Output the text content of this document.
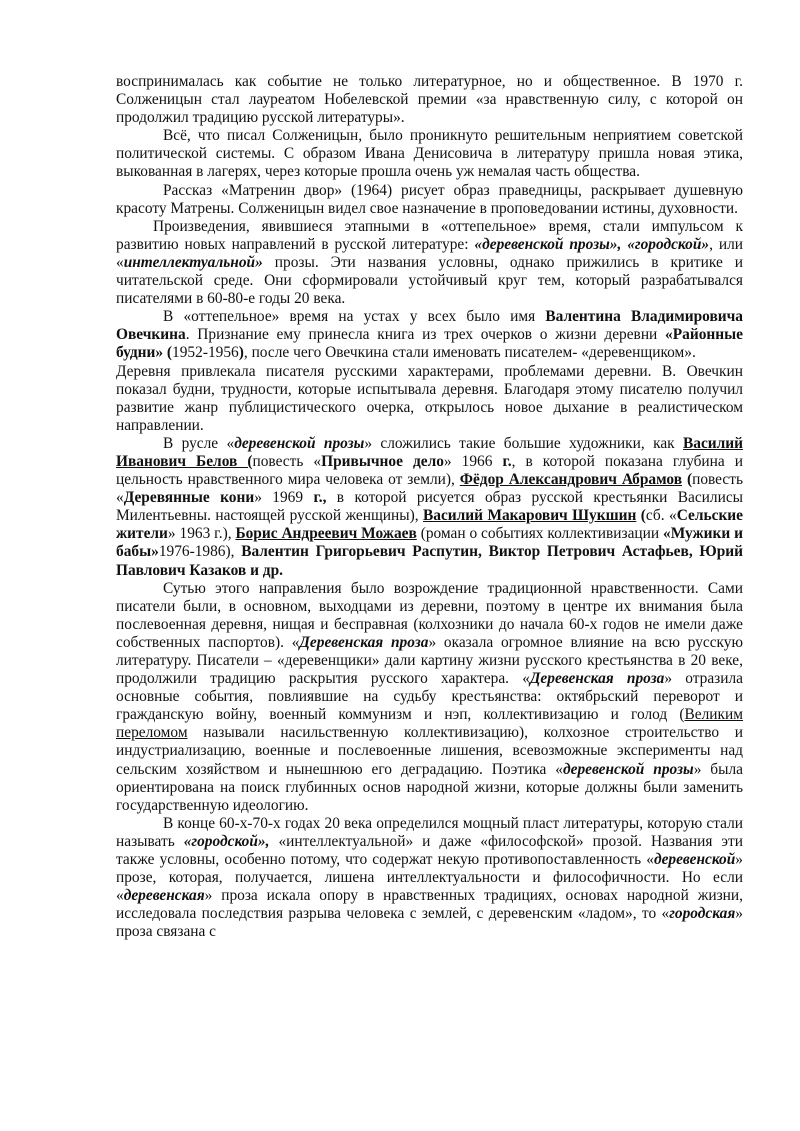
воспринималась как событие не только литературное, но и общественное. В 1970 г. Солженицын стал лауреатом Нобелевской премии «за нравственную силу, с которой он продолжил традицию русской литературы».

Всё, что писал Солженицын, было проникнуто решительным неприятием советской политической системы. С образом Ивана Денисовича в литературу пришла новая этика, выкованная в лагерях, через которые прошла очень уж немалая часть общества.

Рассказ «Матренин двор» (1964) рисует образ праведницы, раскрывает душевную красоту Матрены. Солженицын видел свое назначение в проповедовании истины, духовности.

Произведения, явившиеся этапными в «оттепельное» время, стали импульсом к развитию новых направлений в русской литературе: «деревенской прозы», «городской», или «интеллектуальной» прозы. Эти названия условны, однако прижились в критике и читательской среде. Они сформировали устойчивый круг тем, который разрабатывался писателями в 60-80-е годы 20 века.

В «оттепельное» время на устах у всех было имя Валентина Владимировича Овечкина. Признание ему принесла книга из трех очерков о жизни деревни «Районные будни» (1952-1956), после чего Овечкина стали именовать писателем- «деревенщиком».

Деревня привлекала писателя русскими характерами, проблемами деревни. В. Овечкин показал будни, трудности, которые испытывала деревня. Благодаря этому писателю получил развитие жанр публицистического очерка, открылось новое дыхание в реалистическом направлении.

В русле «деревенской прозы» сложились такие большие художники, как Василий Иванович Белов (повесть «Привычное дело» 1966 г., в которой показана глубина и цельность нравственного мира человека от земли), Фёдор Александрович Абрамов (повесть «Деревянные кони» 1969 г., в которой рисуется образ русской крестьянки Василисы Милентьевны. настоящей русской женщины), Василий Макарович Шукшин (сб. «Сельские жители» 1963 г.), Борис Андреевич Можаев (роман о событиях коллективизации «Мужики и бабы»1976-1986), Валентин Григорьевич Распутин, Виктор Петрович Астафьев, Юрий Павлович Казаков и др.

Сутью этого направления было возрождение традиционной нравственности. Сами писатели были, в основном, выходцами из деревни, поэтому в центре их внимания была послевоенная деревня, нищая и бесправная (колхозники до начала 60-х годов не имели даже собственных паспортов). «Деревенская проза» оказала огромное влияние на всю русскую литературу. Писатели – «деревенщики» дали картину жизни русского крестьянства в 20 веке, продолжили традицию раскрытия русского характера. «Деревенская проза» отразила основные события, повлиявшие на судьбу крестьянства: октябрьский переворот и гражданскую войну, военный коммунизм и нэп, коллективизацию и голод (Великим переломом называли насильственную коллективизацию), колхозное строительство и индустриализацию, военные и послевоенные лишения, всевозможные эксперименты над сельским хозяйством и нынешнюю его деградацию. Поэтика «деревенской прозы» была ориентирована на поиск глубинных основ народной жизни, которые должны были заменить государственную идеологию.

В конце 60-х-70-х годах 20 века определился мощный пласт литературы, которую стали называть «городской», «интеллектуальной» и даже «философской» прозой. Названия эти также условны, особенно потому, что содержат некую противопоставленность «деревенской» прозе, которая, получается, лишена интеллектуальности и философичности. Но если «деревенская» проза искала опору в нравственных традициях, основах народной жизни, исследовала последствия разрыва человека с землей, с деревенским «ладом», то «городская» проза связана с
